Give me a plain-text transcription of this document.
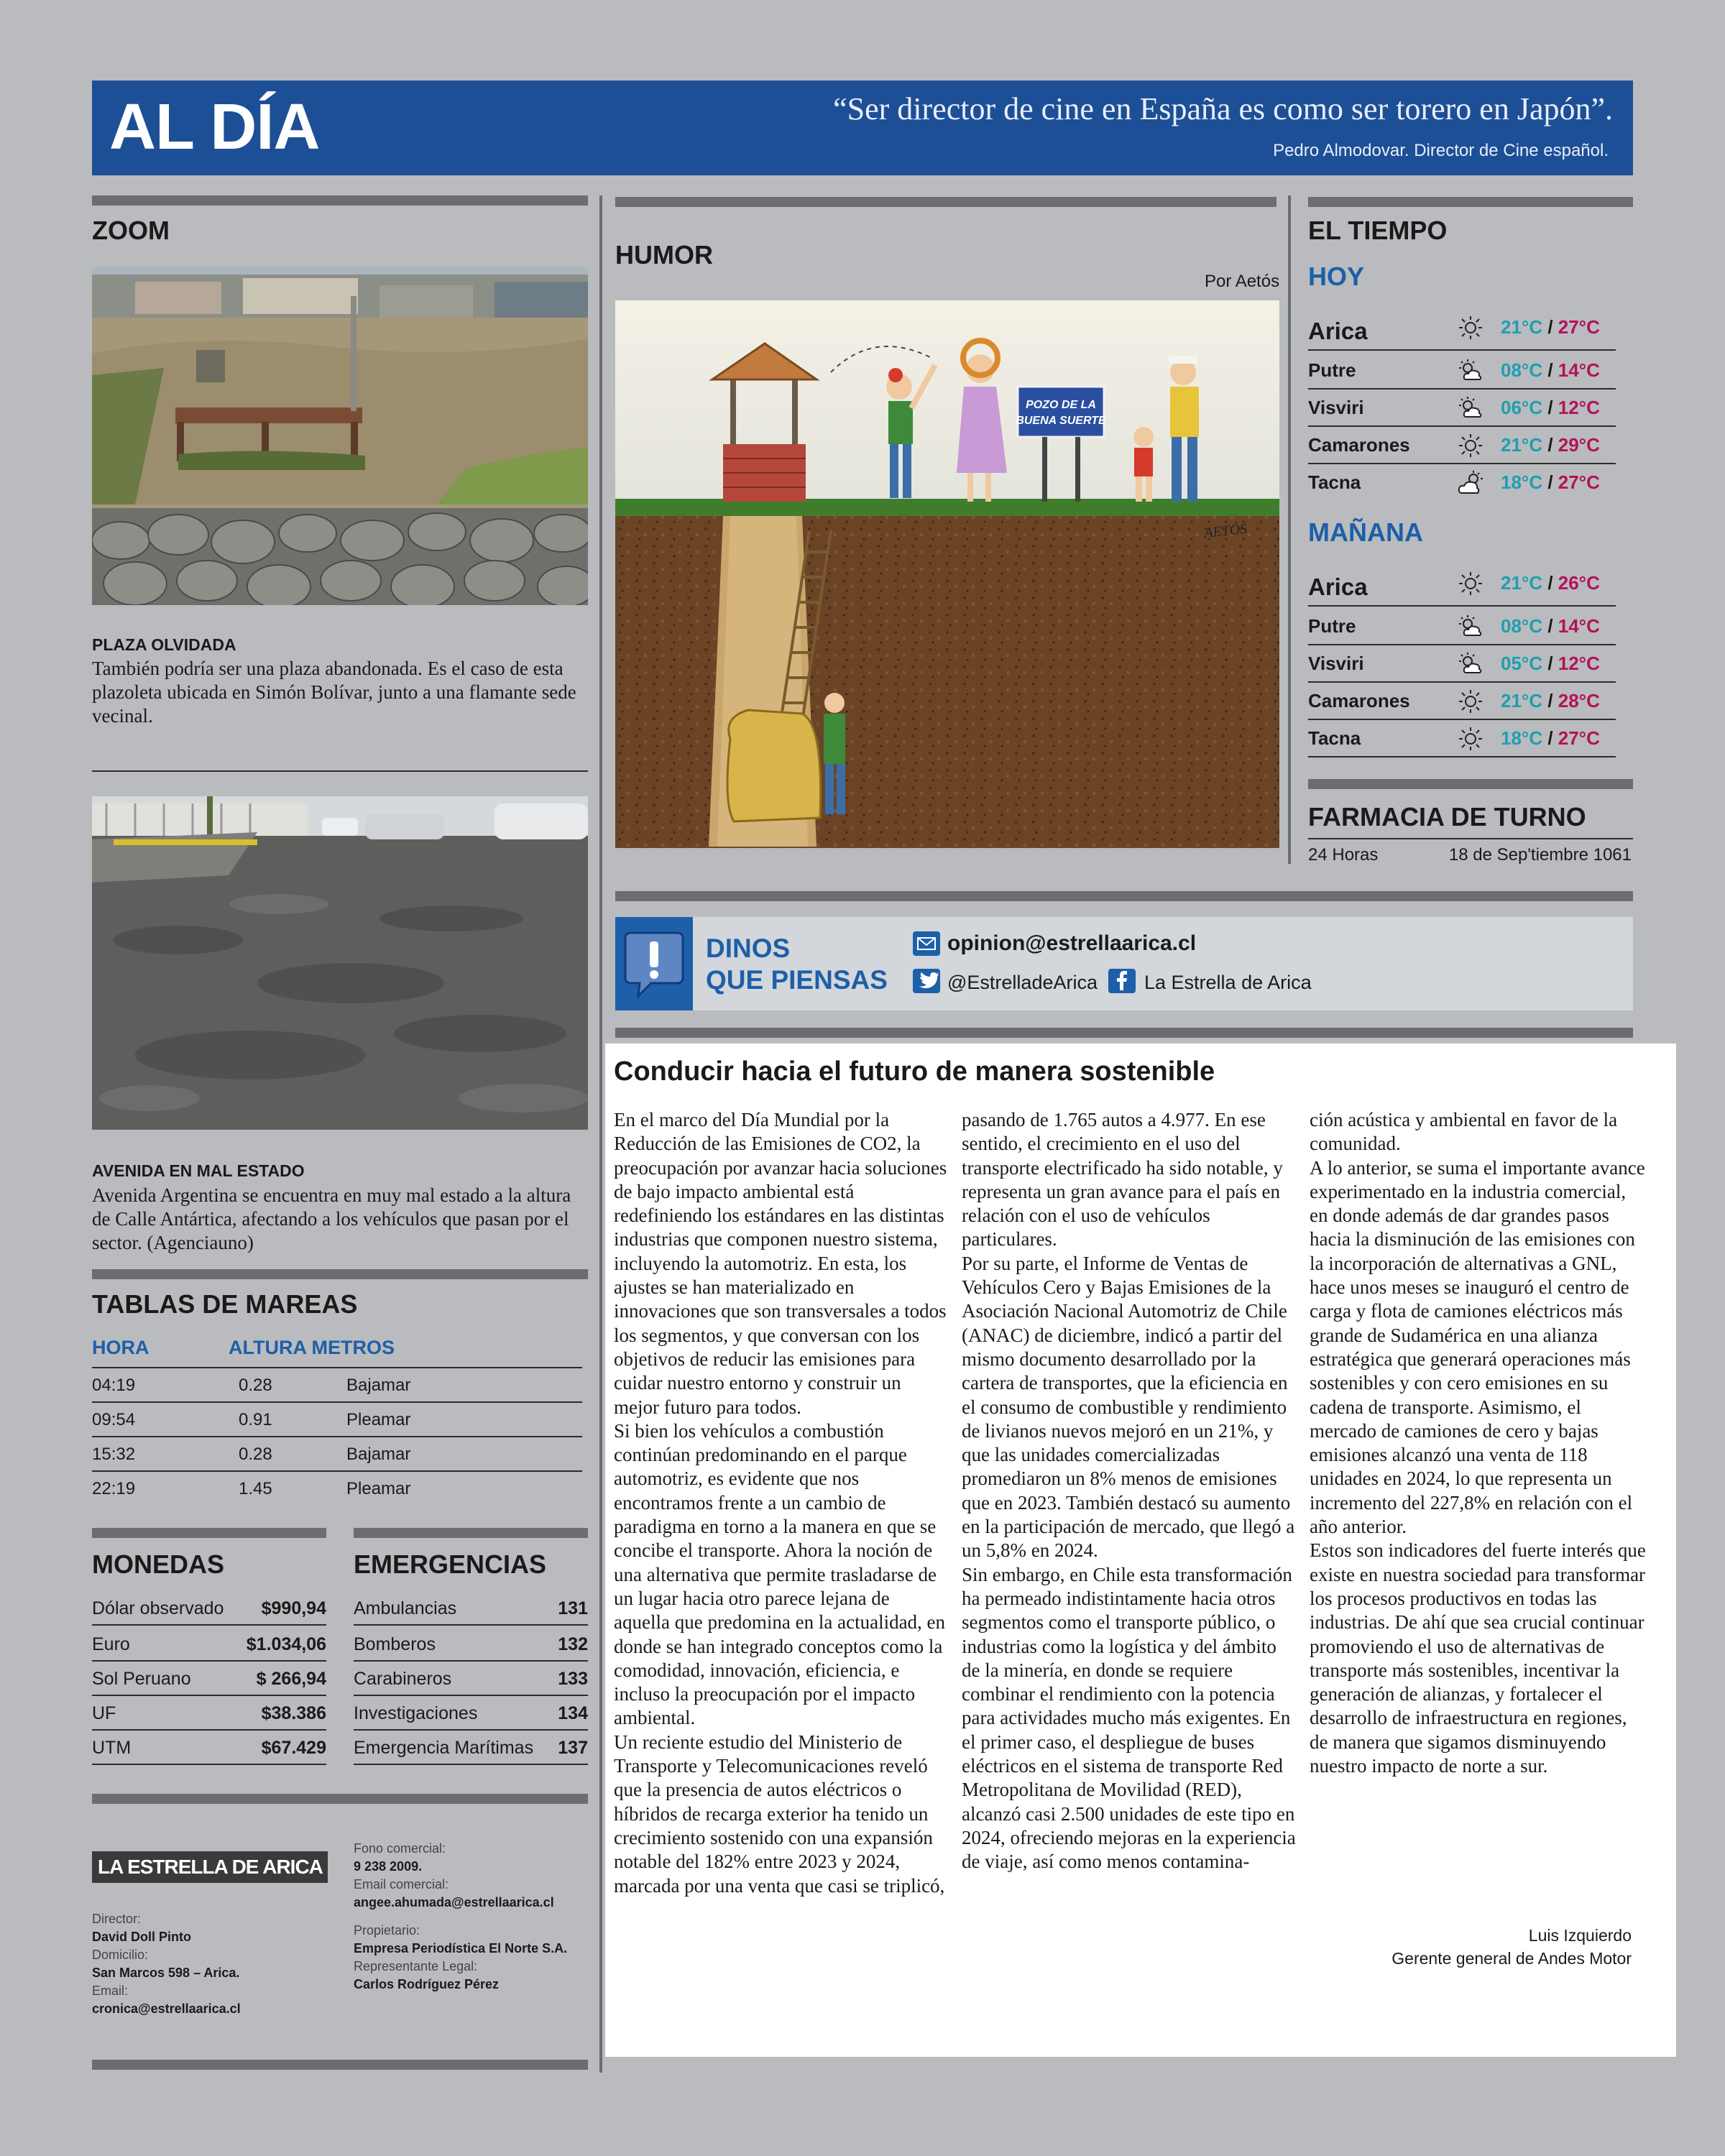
AL DÍA	“Ser director de cine en España es como ser torero en Japón”.
Pedro Almodovar. Director de Cine español.
ZOOM
PLAZA OLVIDADA
También podría ser una plaza abandonada. Es el caso de esta plazoleta ubicada en Simón Bolívar, junto a una flamante sede vecinal.
AVENIDA EN MAL ESTADO
Avenida Argentina se encuentra en muy mal estado a la altura de Calle Antártica, afectando a los vehículos que pasan por el sector. (Agenciauno)
TABLAS DE MAREAS
HORA	ALTURA METROS
04:19	0.28	Bajamar
09:54	0.91	Pleamar
15:32	0.28	Bajamar
22:19	1.45	Pleamar
MONEDAS
Dólar observado $990,94
Euro	$1.034,06
Sol Peruano	$ 266,94
UF	$38.386
UTM	$67.429
EMERGENCIAS
Ambulancias	131
Bomberos	132
Carabineros	133
Investigaciones	134
Emergencia Marítimas 137
LA ESTRELLA DE ARICA
Director:
David Doll Pinto
Domicilio:
San Marcos 598 – Arica.
Email:
cronica@estrellaarica.cl
Fono comercial:
9 238 2009.
Email comercial:
angee.ahumada@estrellaarica.cl
Propietario:
Empresa Periodística El Norte S.A.
Representante Legal:
Carlos Rodríguez Pérez
HUMOR
Por Aetós
POZO DE LA
BUENA SUERTE
AETÓS
EL TIEMPO
HOY
Arica	21°C / 27°C
Putre	08°C / 14°C
Visviri	06°C / 12°C
Camarones	21°C / 29°C
Tacna	18°C / 27°C
MAÑANA
Arica	21°C / 26°C
Putre	08°C / 14°C
Visviri	05°C / 12°C
Camarones	21°C / 28°C
Tacna	18°C / 27°C
FARMACIA DE TURNO
24 Horas	18 de Sep'tiembre 1061
DINOS
QUE PIENSAS
opinion@estrellaarica.cl
@EstrelladeArica La Estrella de Arica
Conducir hacia el futuro de manera sostenible

En el marco del Día Mundial por la Reducción de las Emisiones de CO2, la preocupación por avanzar hacia soluciones de bajo impacto ambiental está redefiniendo los estándares en las distintas industrias que componen nuestro sistema, incluyendo la automotriz. En esta, los ajustes se han materializado en innovaciones que son transversales a todos los segmentos, y que conversan con los objetivos de reducir las emisiones para cuidar nuestro entorno y construir un mejor futuro para todos.

Si bien los vehículos a combustión continúan predominando en el parque automotriz, es evidente que nos encontramos frente a un cambio de paradigma en torno a la manera en que se concibe el transporte. Ahora la noción de una alternativa que permite trasladarse de un lugar hacia otro parece lejana de aquella que predomina en la actualidad, en donde se han integrado conceptos como la comodidad, innovación, eficiencia, e incluso la preocupación por el impacto ambiental.

Un reciente estudio del Ministerio de Transporte y Telecomunicaciones reveló que la presencia de autos eléctricos o híbridos de recarga exterior ha tenido un crecimiento sostenido con una expansión notable del 182% entre 2023 y 2024, marcada por una venta que casi se triplicó,

pasando de 1.765 autos a 4.977. En ese sentido, el crecimiento en el uso del transporte electrificado ha sido notable, y representa un gran avance para el país en relación con el uso de vehículos particulares.

Por su parte, el Informe de Ventas de Vehículos Cero y Bajas Emisiones de la Asociación Nacional Automotriz de Chile (ANAC) de diciembre, indicó a partir del mismo documento desarrollado por la cartera de transportes, que la eficiencia en el consumo de combustible y rendimiento de livianos nuevos mejoró en un 21%, y que las unidades comercializadas promediaron un 8% menos de emisiones que en 2023. También destacó su aumento en la participación de mercado, que llegó a un 5,8% en 2024.

Sin embargo, en Chile esta transformación ha permeado indistintamente hacia otros segmentos como el transporte público, o industrias como la logística y del ámbito de la minería, en donde se requiere combinar el rendimiento con la potencia para actividades mucho más exigentes. En el primer caso, el despliegue de buses eléctricos en el sistema de transporte Red Metropolitana de Movilidad (RED), alcanzó casi 2.500 unidades de este tipo en 2024, ofreciendo mejoras en la experiencia de viaje, así como menos contamina-

ción acústica y ambiental en favor de la comunidad.

A lo anterior, se suma el importante avance experimentado en la industria comercial, en donde además de dar grandes pasos hacia la disminución de las emisiones con la incorporación de alternativas a GNL, hace unos meses se inauguró el centro de carga y flota de camiones eléctricos más grande de Sudamérica en una alianza estratégica que generará operaciones más sostenibles y con cero emisiones en su cadena de transporte. Asimismo, el mercado de camiones de cero y bajas emisiones alcanzó una venta de 118 unidades en 2024, lo que representa un incremento del 227,8% en relación con el año anterior.

Estos son indicadores del fuerte interés que existe en nuestra sociedad para transformar los procesos productivos en todas las industrias. De ahí que sea crucial continuar promoviendo el uso de alternativas de transporte más sostenibles, incentivar la generación de alianzas, y fortalecer el desarrollo de infraestructura en regiones, de manera que sigamos disminuyendo nuestro impacto de norte a sur.

Luis Izquierdo
Gerente general de Andes Motor
